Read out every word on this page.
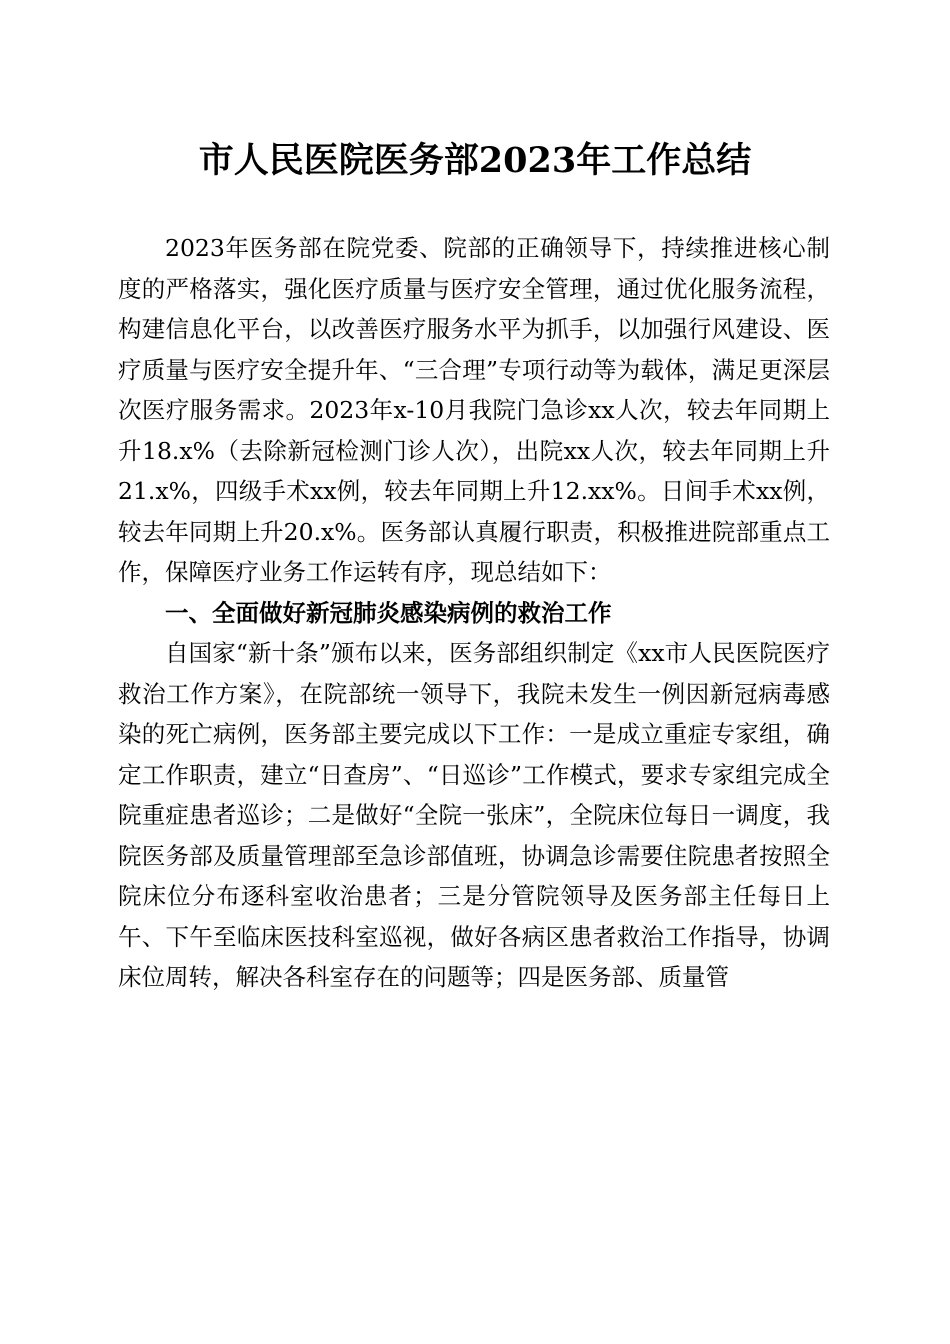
市人民医院医务部2023年工作总结

2023年医务部在院党委、院部的正确领导下，持续推进核心制度的严格落实，强化医疗质量与医疗安全管理，通过优化服务流程，构建信息化平台，以改善医疗服务水平为抓手，以加强行风建设、医疗质量与医疗安全提升年、“三合理”专项行动等为载体，满足更深层次医疗服务需求。2023年x-10月我院门急诊xx人次，较去年同期上升18.x%（去除新冠检测门诊人次），出院xx人次，较去年同期上升21.x%，四级手术xx例，较去年同期上升12.xx%。日间手术xx例，较去年同期上升20.x%。医务部认真履行职责，积极推进院部重点工作，保障医疗业务工作运转有序，现总结如下：

一、全面做好新冠肺炎感染病例的救治工作

自国家“新十条”颁布以来，医务部组织制定《xx市人民医院医疗救治工作方案》，在院部统一领导下，我院未发生一例因新冠病毒感染的死亡病例，医务部主要完成以下工作：一是成立重症专家组，确定工作职责，建立“日查房”、“日巡诊”工作模式，要求专家组完成全院重症患者巡诊；二是做好“全院一张床”，全院床位每日一调度，我院医务部及质量管理部至急诊部值班，协调急诊需要住院患者按照全院床位分布逐科室收治患者；三是分管院领导及医务部主任每日上午、下午至临床医技科室巡视，做好各病区患者救治工作指导，协调床位周转，解决各科室存在的问题等；四是医务部、质量管
